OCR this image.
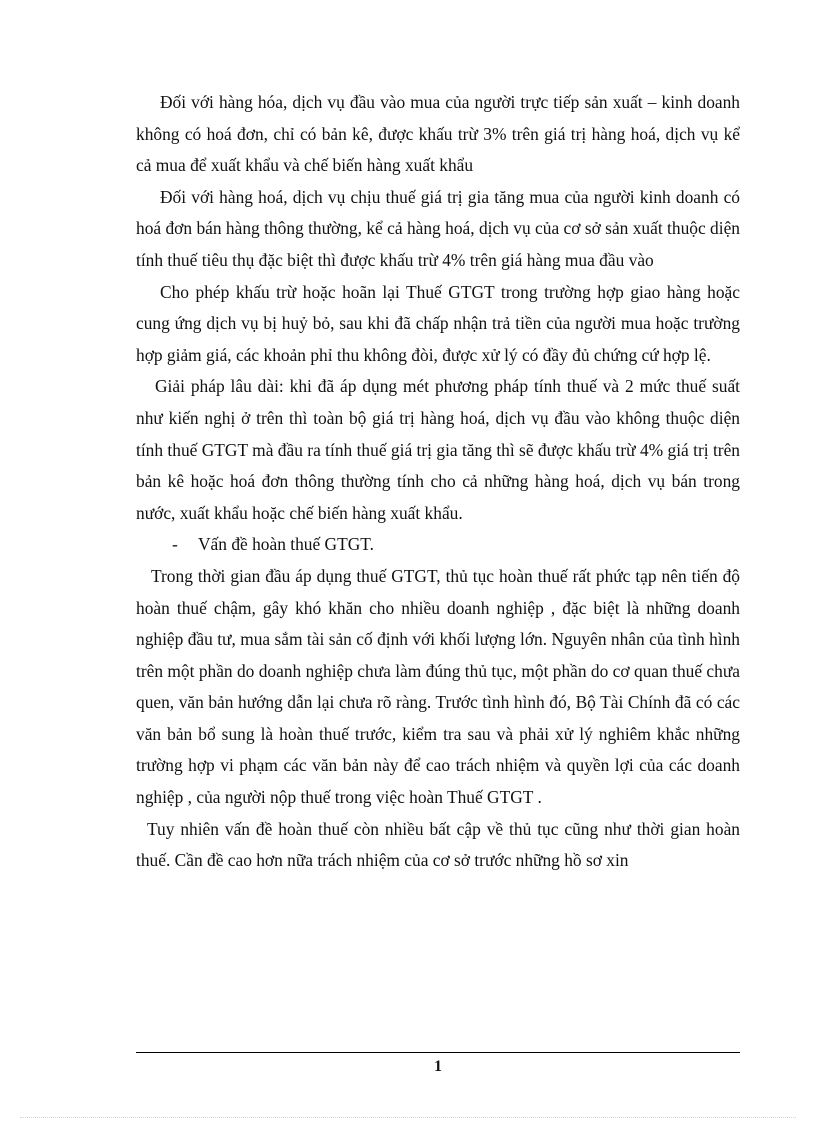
Đối với hàng hóa, dịch vụ đầu vào mua của người trực tiếp sản xuất – kinh doanh không có hoá đơn, chỉ có bản kê, được khấu trừ 3% trên giá trị hàng hoá, dịch vụ kể cả mua để xuất khẩu và chế biến hàng xuất khẩu

Đối với hàng hoá, dịch vụ chịu thuế giá trị gia tăng mua của người kinh doanh có hoá đơn bán hàng thông thường, kể cả hàng hoá, dịch vụ của cơ sở sản xuất thuộc diện tính thuế tiêu thụ đặc biệt thì được khấu trừ 4% trên giá hàng mua đầu vào

Cho phép khấu trừ hoặc hoãn lại Thuế GTGT trong trường hợp giao hàng hoặc cung ứng dịch vụ bị huỷ bỏ, sau khi đã chấp nhận trả tiền của người mua hoặc trường hợp giảm giá, các khoản phỉ thu không đòi, được xử lý có đầy đủ chứng cứ hợp lệ.

Giải pháp lâu dài: khi đã áp dụng mét phương pháp tính thuế và 2 mức thuế suất như kiến nghị ở trên thì toàn bộ giá trị hàng hoá, dịch vụ đầu vào không thuộc diện tính thuế GTGT mà đầu ra tính thuế giá trị gia tăng thì sẽ được khấu trừ 4% giá trị trên bản kê hoặc hoá đơn thông thường tính cho cả những hàng hoá, dịch vụ bán trong nước, xuất khẩu hoặc chế biến hàng xuất khẩu.

- Vấn đề hoàn thuế GTGT.

Trong thời gian đầu áp dụng thuế GTGT, thủ tục hoàn thuế rất phức tạp nên tiến độ hoàn thuế chậm, gây khó khăn cho nhiều doanh nghiệp , đặc biệt là những doanh nghiệp đầu tư, mua sắm tài sản cố định với khối lượng lớn. Nguyên nhân của tình hình trên một phần do doanh nghiệp chưa làm đúng thủ tục, một phần do cơ quan thuế chưa quen, văn bản hướng dẫn lại chưa rõ ràng. Trước tình hình đó, Bộ Tài Chính đã có các văn bản bổ sung là hoàn thuế trước, kiểm tra sau và phải xử lý nghiêm khắc những trường hợp vi phạm các văn bản này để cao trách nhiệm và quyền lợi của các doanh nghiệp , của người nộp thuế trong việc hoàn Thuế GTGT .

Tuy nhiên vấn đề hoàn thuế còn nhiều bất cập về thủ tục cũng như thời gian hoàn thuế. Cần đề cao hơn nữa trách nhiệm của cơ sở trước những hồ sơ xin

1
